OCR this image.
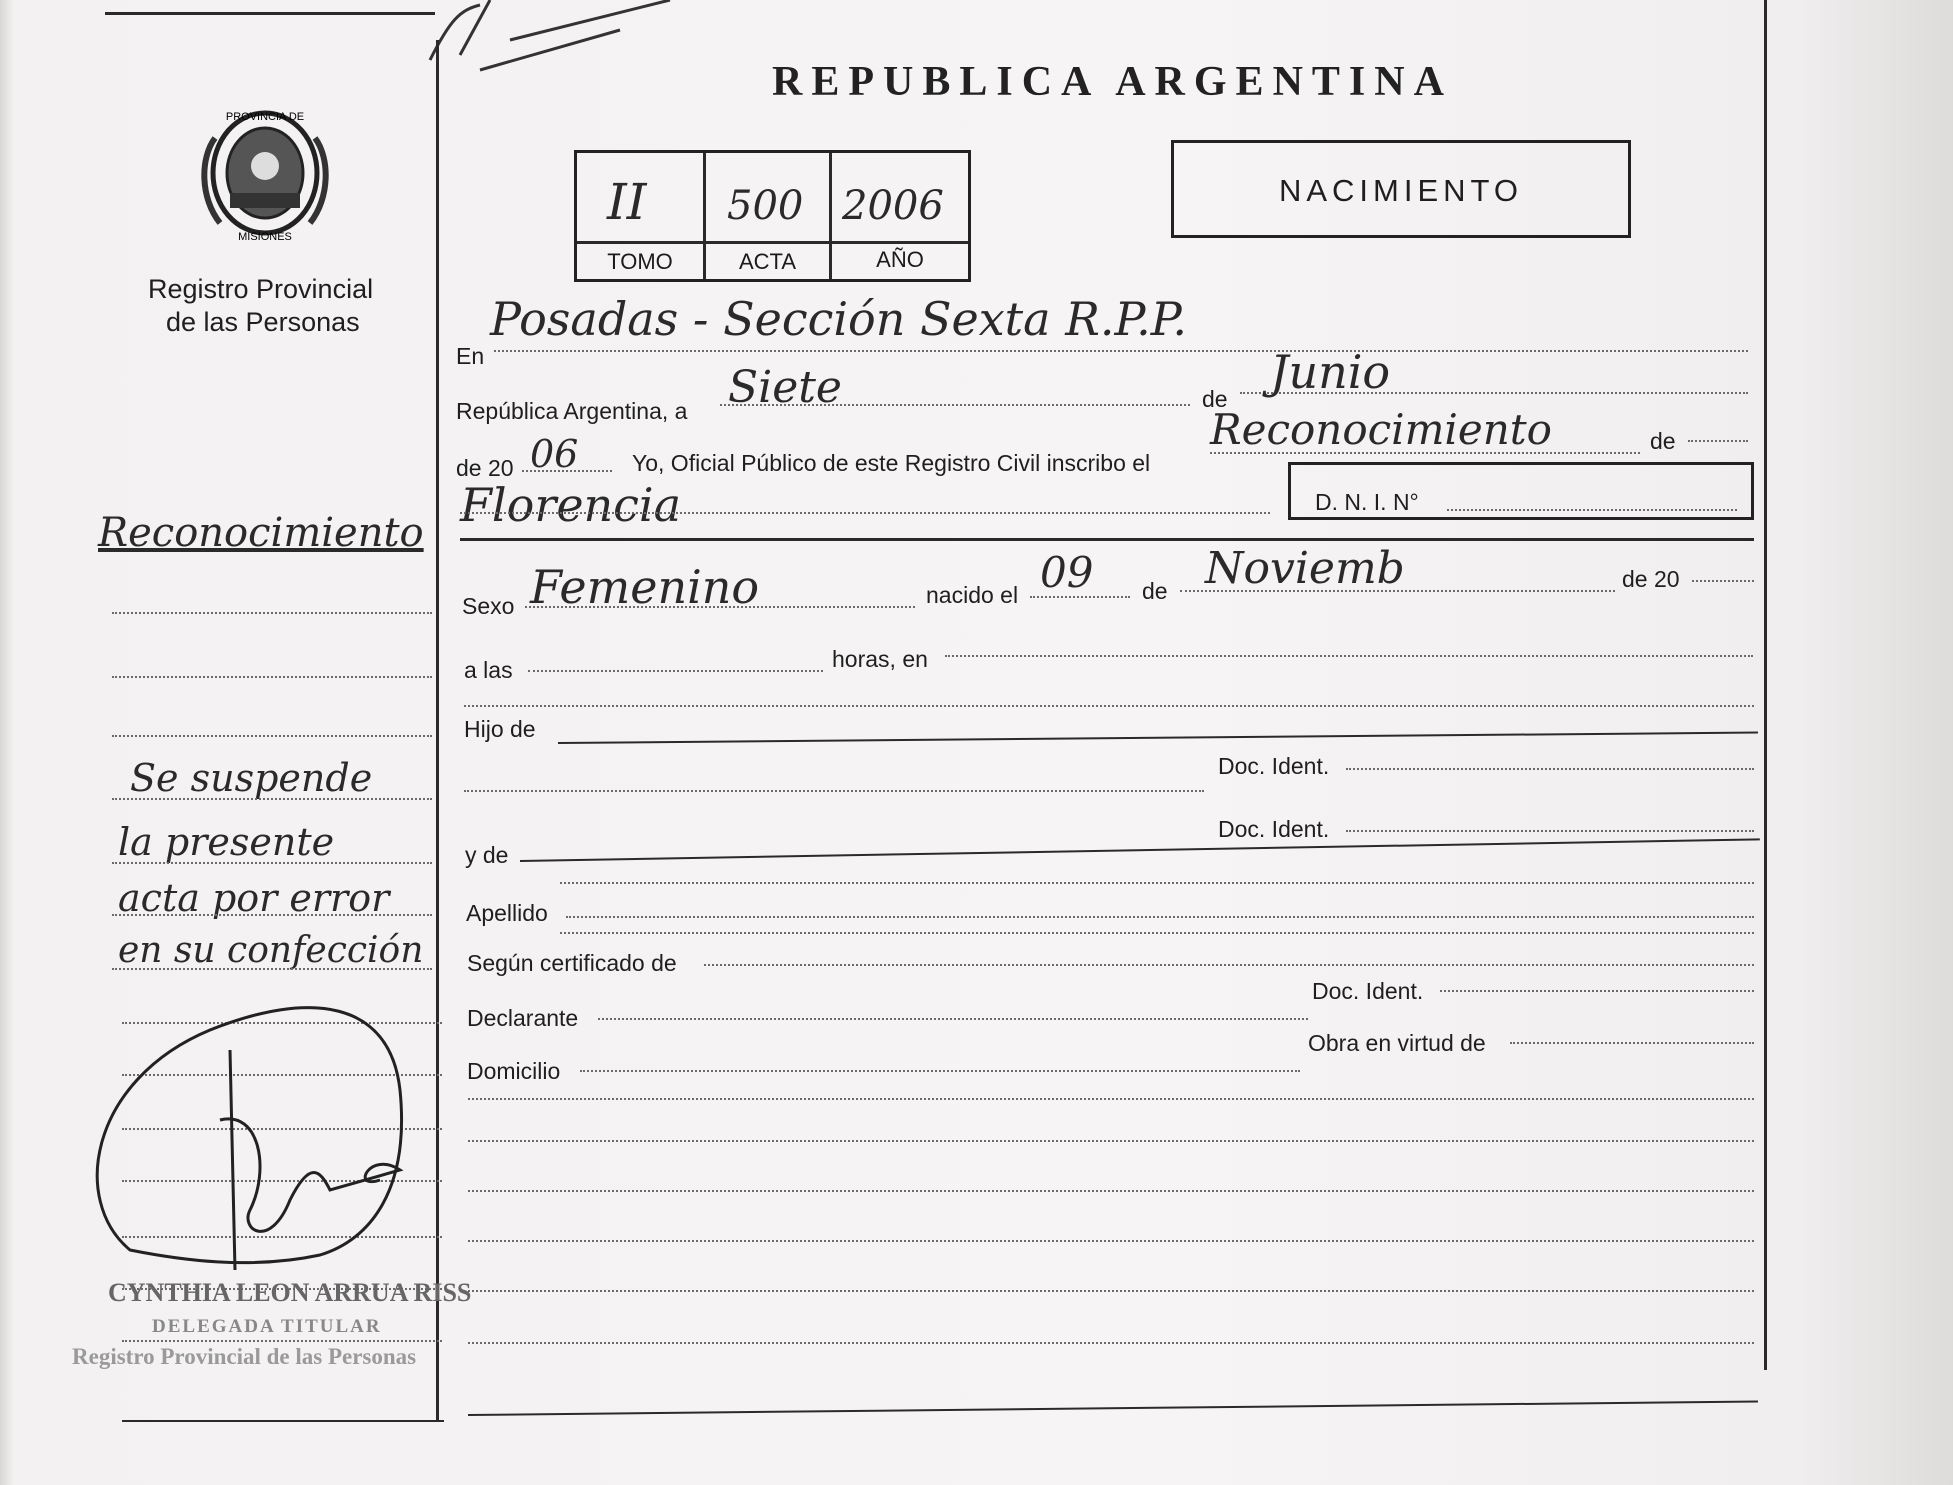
REPUBLICA ARGENTINA
PROVINCIA DE
MISIONES
Registro Provincial
de las Personas
II 500 2006
TOMO	ACTA	AÑO
NACIMIENTO
En
Posadas - Sección Sexta R.P.P.
República Argentina, a Siete	de Junio
de 20 06 Yo, Oficial Público de este Registro Civil inscribo el
Reconocimiento	de
Florencia	D. N. I. N°
Sexo Femenino	nacido el 09 de Noviemb	de 20
a las	horas, en
Hijo de
Doc. Ident.
Doc. Ident.
y de
Apellido
Según certificado de
Doc. Ident.
Declarante
Obra en virtud de
Domicilio
Reconocimiento
Se suspende
la presente
acta por error
en su confección
CYNTHIA LEON ARRUA RISS
DELEGADA TITULAR
Registro Provincial de las Personas
